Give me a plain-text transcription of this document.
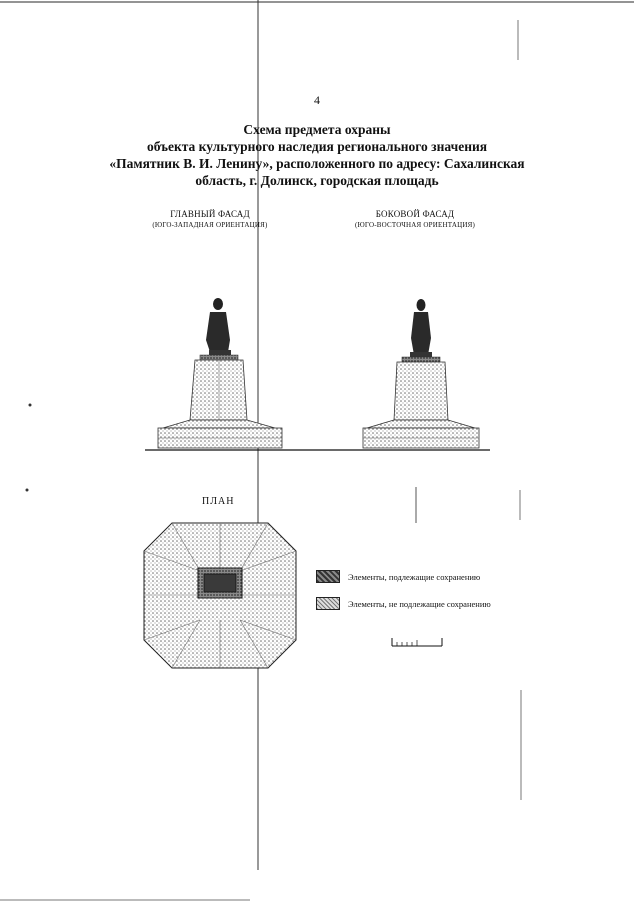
4
Схема предмета охраны
объекта культурного наследия регионального значения
«Памятник В. И. Ленину», расположенного по адресу: Сахалинская
область, г. Долинск, городская площадь
ГЛАВНЫЙ ФАСАД
(ЮГО-ЗАПАДНАЯ ОРИЕНТАЦИЯ)
БОКОВОЙ ФАСАД
(ЮГО-ВОСТОЧНАЯ ОРИЕНТАЦИЯ)
ПЛАН
Элементы, подлежащие сохранению
Элементы, не подлежащие сохранению
